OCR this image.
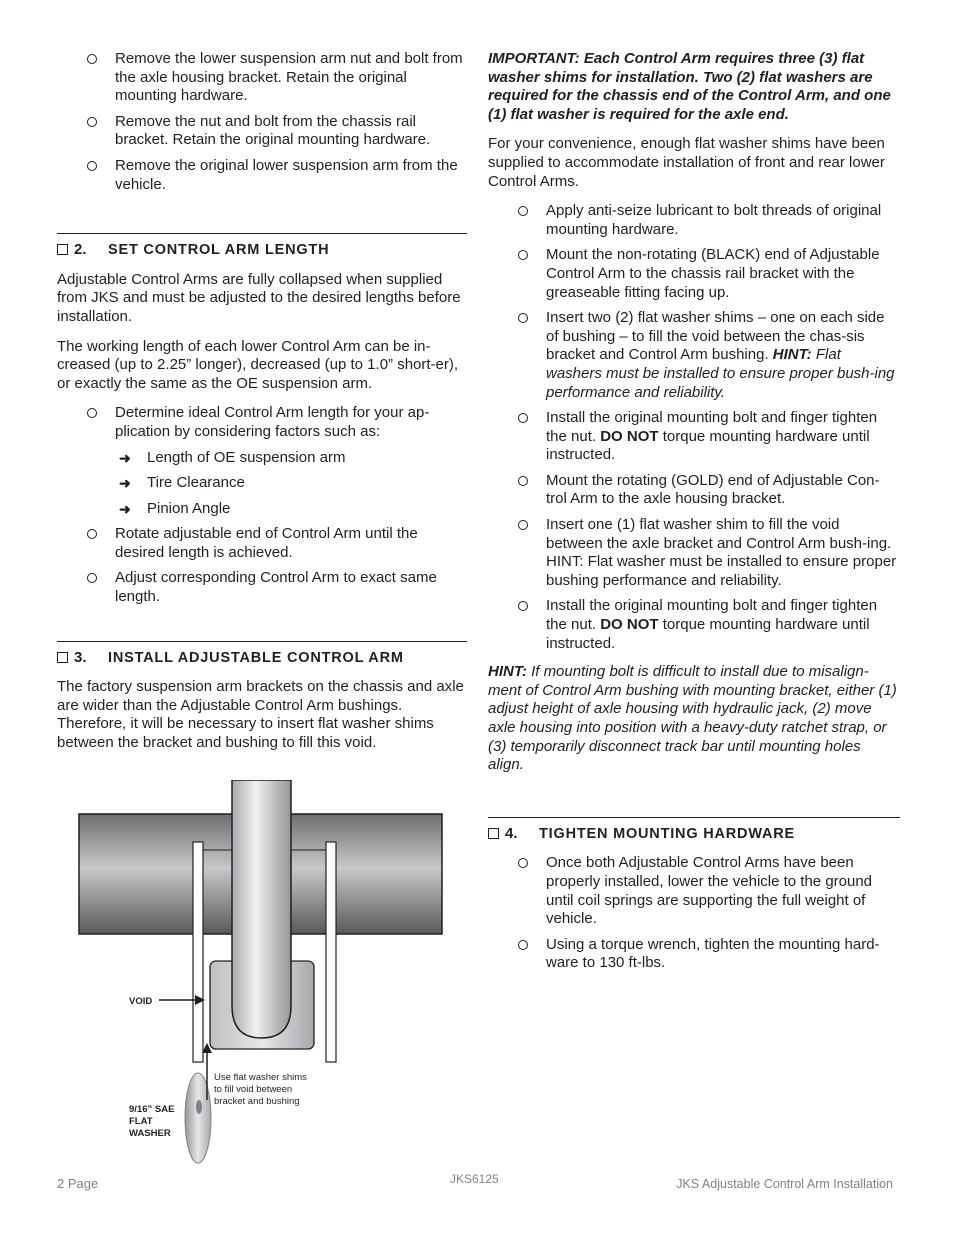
Remove the lower suspension arm nut and bolt from the axle housing bracket. Retain the original mounting hardware.
Remove the nut and bolt from the chassis rail bracket. Retain the original mounting hardware.
Remove the original lower suspension arm from the vehicle.
2. SET CONTROL ARM LENGTH

Adjustable Control Arms are fully collapsed when supplied from JKS and must be adjusted to the desired lengths before installation.

The working length of each lower Control Arm can be in-creased (up to 2.25” longer), decreased (up to 1.0” short-er), or exactly the same as the OE suspension arm.

Determine ideal Control Arm length for your ap-plication by considering factors such as:
➜ Length of OE suspension arm
➜ Tire Clearance
➜ Pinion Angle
Rotate adjustable end of Control Arm until the desired length is achieved.
Adjust corresponding Control Arm to exact same length.
3. INSTALL ADJUSTABLE CONTROL ARM

The factory suspension arm brackets on the chassis and axle are wider than the Adjustable Control Arm bushings. Therefore, it will be necessary to insert flat washer shims between the bracket and bushing to fill this void.

VOID
9/16” SAE FLAT WASHER
Use flat washer shims to fill void between bracket and bushing

IMPORTANT: Each Control Arm requires three (3) flat washer shims for installation. Two (2) flat washers are required for the chassis end of the Control Arm, and one (1) flat washer is required for the axle end.

For your convenience, enough flat washer shims have been supplied to accommodate installation of front and rear lower Control Arms.

Apply anti-seize lubricant to bolt threads of original mounting hardware.
Mount the non-rotating (BLACK) end of Adjustable Control Arm to the chassis rail bracket with the greaseable fitting facing up.
Insert two (2) flat washer shims – one on each side of bushing – to fill the void between the chas-sis bracket and Control Arm bushing. HINT: Flat washers must be installed to ensure proper bush-ing performance and reliability.
Install the original mounting bolt and finger tighten the nut. DO NOT torque mounting hardware until instructed.
Mount the rotating (GOLD) end of Adjustable Con-trol Arm to the axle housing bracket.
Insert one (1) flat washer shim to fill the void between the axle bracket and Control Arm bush-ing. HINT: Flat washer must be installed to ensure proper bushing performance and reliability.
Install the original mounting bolt and finger tighten the nut. DO NOT torque mounting hardware until instructed.

HINT: If mounting bolt is difficult to install due to misalign-ment of Control Arm bushing with mounting bracket, either (1) adjust height of axle housing with hydraulic jack, (2) move axle housing into position with a heavy-duty ratchet strap, or (3) temporarily disconnect track bar until mounting holes align.

4. TIGHTEN MOUNTING HARDWARE
Once both Adjustable Control Arms have been properly installed, lower the vehicle to the ground until coil springs are supporting the full weight of vehicle.
Using a torque wrench, tighten the mounting hard-ware to 130 ft-lbs.
2 Page	JKS6125	JKS Adjustable Control Arm Installation
